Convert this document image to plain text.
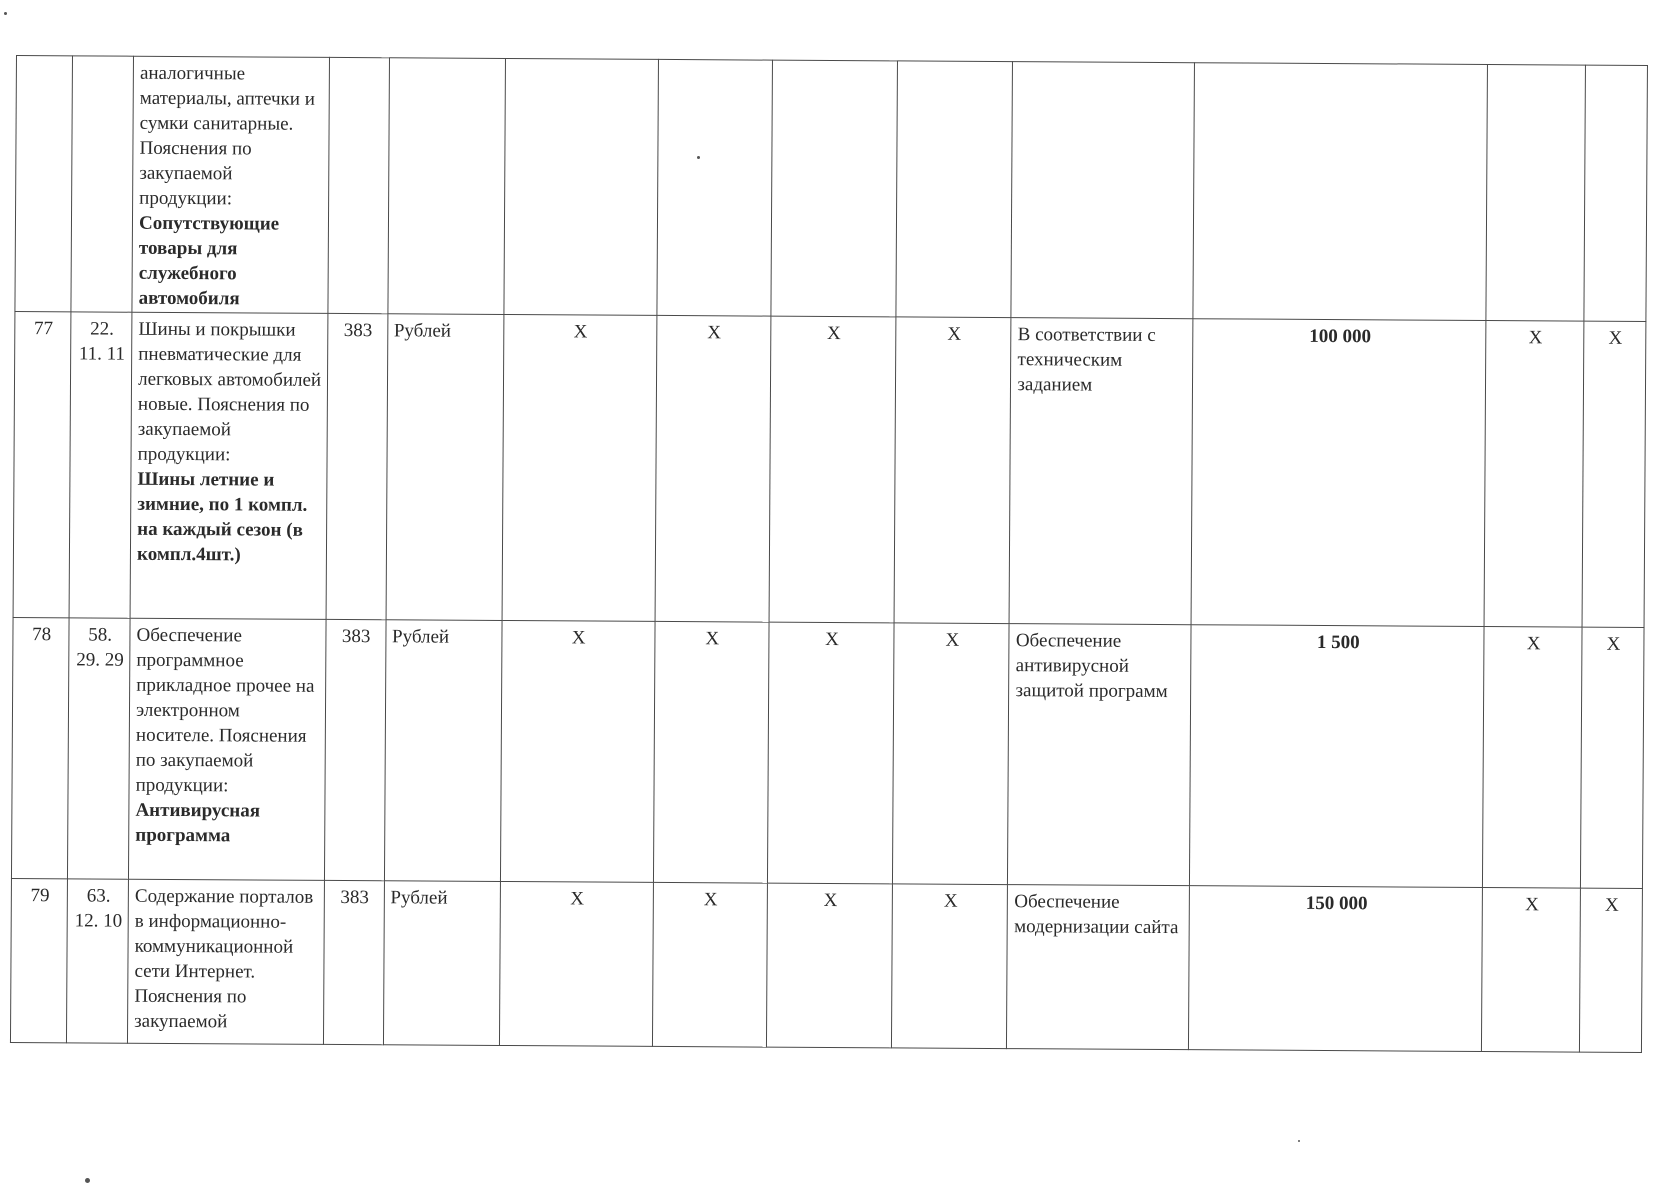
		аналогичные материалы, аптечки и сумки санитарные. Пояснения по закупаемой продукции:
Сопутствующие товары для служебного автомобиля										

77	22. 11. 11	Шины и покрышки пневматические для легковых автомобилей новые. Пояснения по закупаемой продукции:
Шины летние и зимние, по 1 компл. на каждый сезон (в компл.4шт.)	383	Рублей	X	X	X	X	В соответствии с техническим заданием	100 000	X	X
78	58. 29. 29	Обеспечение программное прикладное прочее на электронном носителе. Пояснения по закупаемой продукции:
Антивирусная программа	383	Рублей	X	X	X	X	Обеспечение антивирусной защитой программ	1 500	X	X
79	63. 12. 10	Содержание порталов в информационно-коммуникационной сети Интернет. Пояснения по закупаемой	383	Рублей	X	X	X	X	Обеспечение модернизации сайта	150 000	X	X
